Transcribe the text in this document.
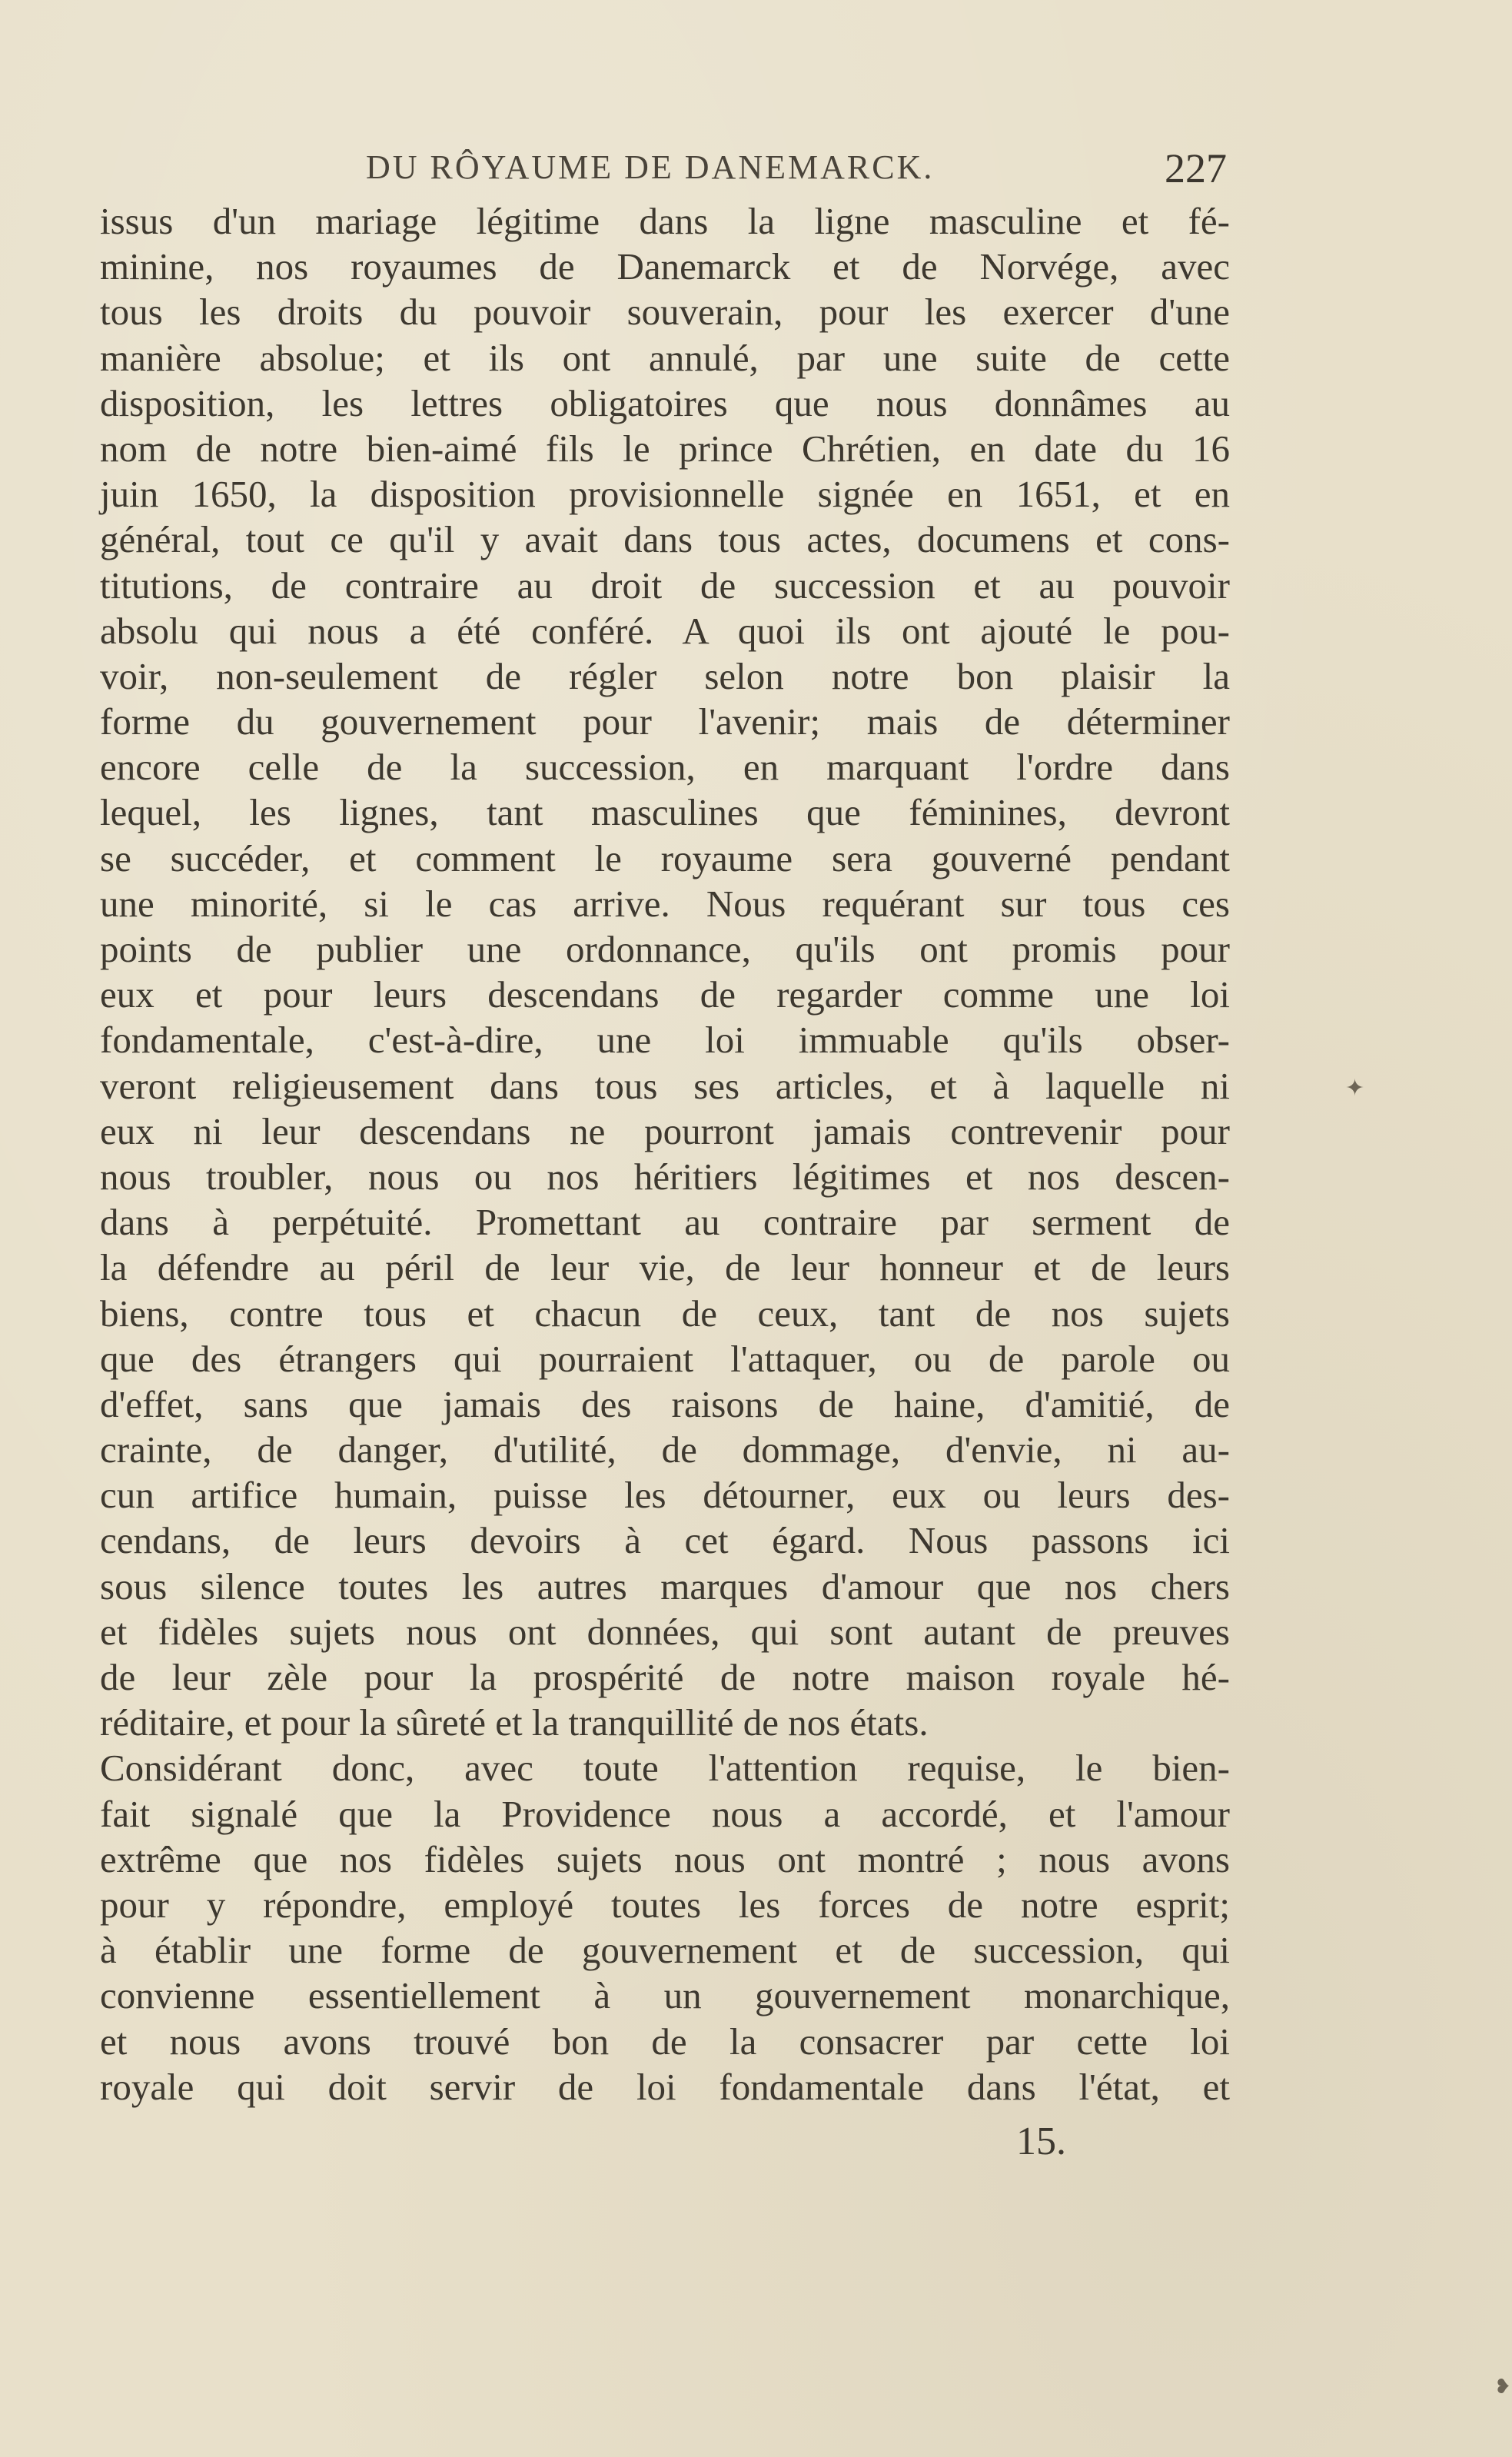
DU RÔYAUME DE DANEMARCK.	227
issus d'un mariage légitime dans la ligne masculine et fé-
minine, nos royaumes de Danemarck et de Norvége, avec
tous les droits du pouvoir souverain, pour les exercer d'une
manière absolue; et ils ont annulé, par une suite de cette
disposition, les lettres obligatoires que nous donnâmes au
nom de notre bien-aimé fils le prince Chrétien, en date du 16
juin 1650, la disposition provisionnelle signée en 1651, et en
général, tout ce qu'il y avait dans tous actes, documens et cons-
titutions, de contraire au droit de succession et au pouvoir
absolu qui nous a été conféré. A quoi ils ont ajouté le pou-
voir, non-seulement de régler selon notre bon plaisir la
forme du gouvernement pour l'avenir; mais de déterminer
encore celle de la succession, en marquant l'ordre dans
lequel, les lignes, tant masculines que féminines, devront
se succéder, et comment le royaume sera gouverné pendant
une minorité, si le cas arrive. Nous requérant sur tous ces
points de publier une ordonnance, qu'ils ont promis pour
eux et pour leurs descendans de regarder comme une loi
fondamentale, c'est-à-dire, une loi immuable qu'ils obser-
veront religieusement dans tous ses articles, et à laquelle ni
eux ni leur descendans ne pourront jamais contrevenir pour
nous troubler, nous ou nos héritiers légitimes et nos descen-
dans à perpétuité. Promettant au contraire par serment de
la défendre au péril de leur vie, de leur honneur et de leurs
biens, contre tous et chacun de ceux, tant de nos sujets
que des étrangers qui pourraient l'attaquer, ou de parole ou
d'effet, sans que jamais des raisons de haine, d'amitié, de
crainte, de danger, d'utilité, de dommage, d'envie, ni au-
cun artifice humain, puisse les détourner, eux ou leurs des-
cendans, de leurs devoirs à cet égard. Nous passons ici
sous silence toutes les autres marques d'amour que nos chers
et fidèles sujets nous ont données, qui sont autant de preuves
de leur zèle pour la prospérité de notre maison royale hé-
réditaire, et pour la sûreté et la tranquillité de nos états.
Considérant donc, avec toute l'attention requise, le bien-
fait signalé que la Providence nous a accordé, et l'amour
extrême que nos fidèles sujets nous ont montré ; nous avons
pour y répondre, employé toutes les forces de notre esprit;
à établir une forme de gouvernement et de succession, qui
convienne essentiellement à un gouvernement monarchique,
et nous avons trouvé bon de la consacrer par cette loi
royale qui doit servir de loi fondamentale dans l'état, et
15.
✦
❥
